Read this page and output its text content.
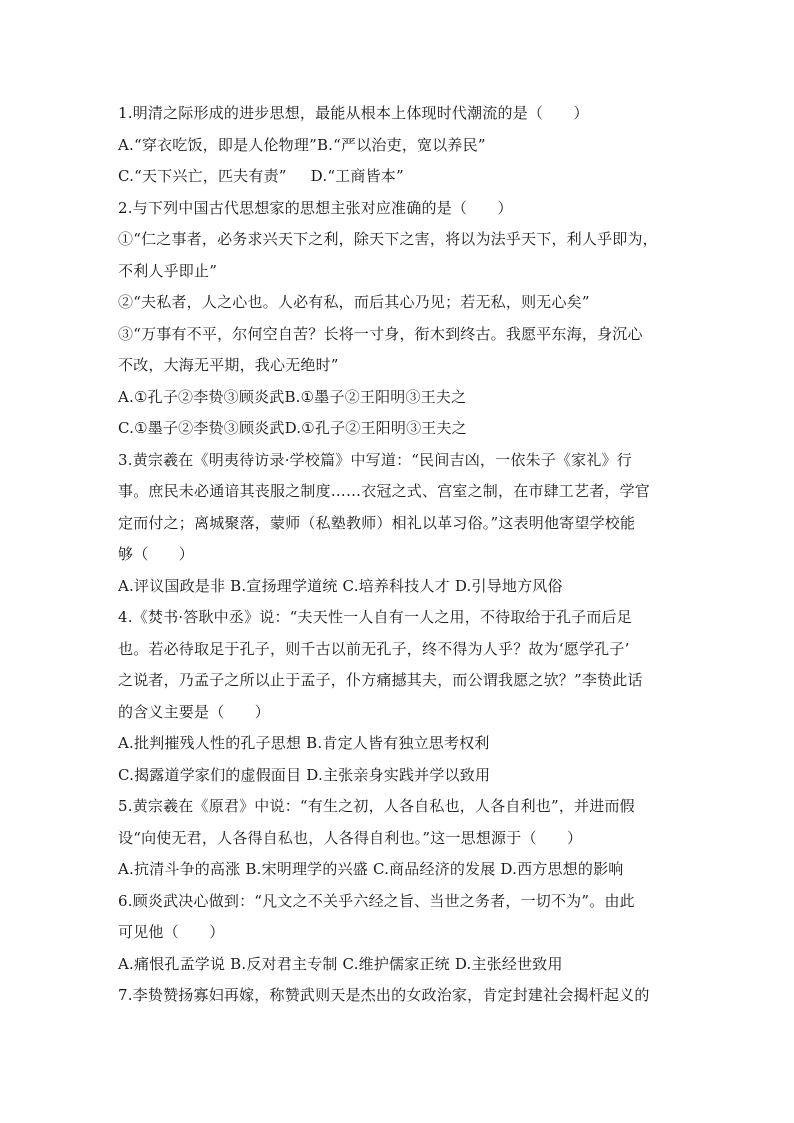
1.明清之际形成的进步思想，最能从根本上体现时代潮流的是（　　）
A.“穿衣吃饭，即是人伦物理”B.“严以治吏，宽以养民”
C.“天下兴亡，匹夫有责” D.“工商皆本”
2.与下列中国古代思想家的思想主张对应准确的是（　　）
①“仁之事者，必务求兴天下之利，除天下之害，将以为法乎天下，利人乎即为，
不利人乎即止”
②“夫私者，人之心也。人必有私，而后其心乃见；若无私，则无心矣”
③“万事有不平，尔何空自苦？长将一寸身，衔木到终古。我愿平东海，身沉心
不改，大海无平期，我心无绝时”
A.①孔子②李贽③顾炎武B.①墨子②王阳明③王夫之
C.①墨子②李贽③顾炎武D.①孔子②王阳明③王夫之
3.黄宗羲在《明夷待访录·学校篇》中写道：“民间吉凶，一依朱子《家礼》行
事。庶民未必通谙其丧服之制度……衣冠之式、宫室之制，在市肆工艺者，学官
定而付之；离城聚落，蒙师（私塾教师）相礼以革习俗。”这表明他寄望学校能
够（　　）
A.评议国政是非 B.宣扬理学道统 C.培养科技人才 D.引导地方风俗
4.《焚书·答耿中丞》说：“夫天性一人自有一人之用，不待取给于孔子而后足
也。若必待取足于孔子，则千古以前无孔子，终不得为人乎？故为‘愿学孔子’
之说者，乃孟子之所以止于孟子，仆方痛撼其夫，而公谓我愿之欤？”李贽此话
的含义主要是（　　）
A.批判摧残人性的孔子思想 B.肯定人皆有独立思考权利
C.揭露道学家们的虚假面目 D.主张亲身实践并学以致用
5.黄宗羲在《原君》中说：“有生之初，人各自私也，人各自利也”，并进而假
设“向使无君，人各得自私也，人各得自利也。”这一思想源于（　　）
A.抗清斗争的高涨 B.宋明理学的兴盛 C.商品经济的发展 D.西方思想的影响
6.顾炎武决心做到：“凡文之不关乎六经之旨、当世之务者，一切不为”。由此
可见他（　　）
A.痛恨孔孟学说 B.反对君主专制 C.维护儒家正统 D.主张经世致用
7.李贽赞扬寡妇再嫁，称赞武则天是杰出的女政治家，肯定封建社会揭杆起义的
